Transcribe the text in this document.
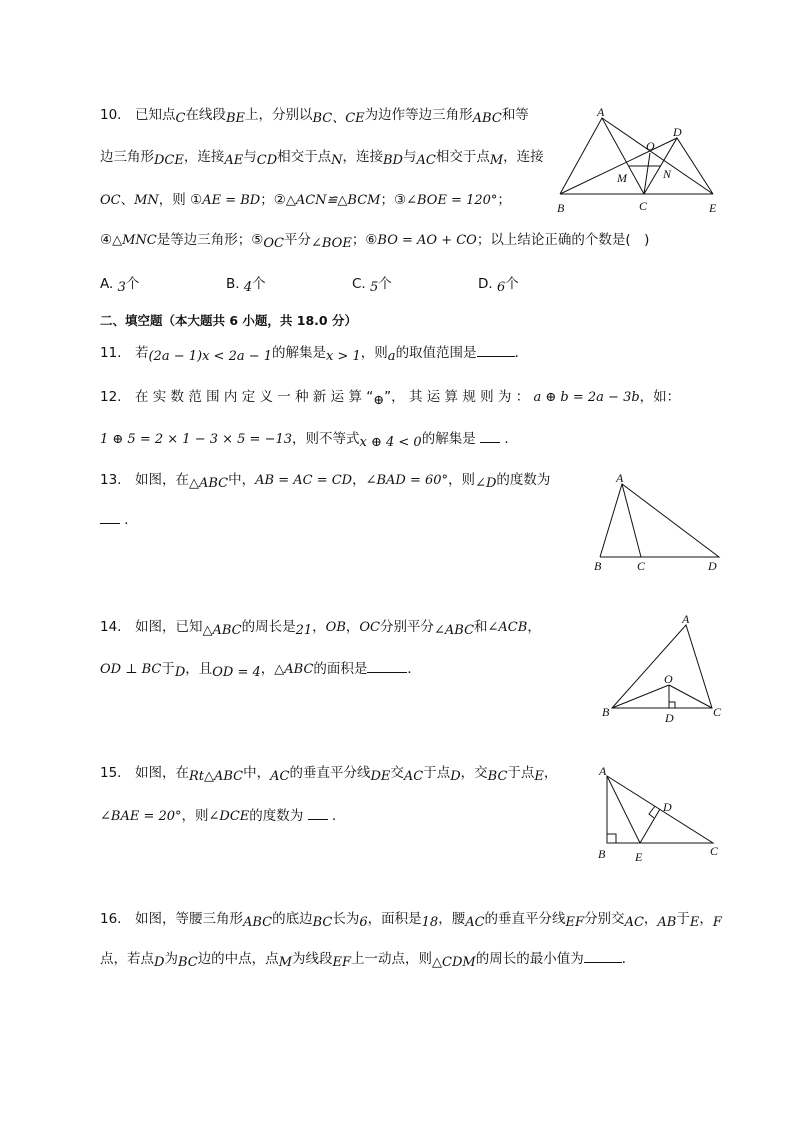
10.　已知点C在线段BE上，分别以BC、CE为边作等边三角形ABC和等
边三角形DCE，连接AE与CD相交于点N，连接BD与AC相交于点M，连接
OC、MN，则 ①AE = BD；②△ACN≌△BCM；③∠BOE = 120°；
④△MNC是等边三角形；⑤OC平分∠BOE；⑥BO = AO + CO；以上结论正确的个数是(　)
A. 3个	B. 4个	C. 5个	D. 6个
A
O
D
M	N
B	C	E
二、填空题（本大题共 6 小题，共 18.0 分）
11.　若(2a − 1)x < 2a − 1的解集是x > 1，则a的取值范围是	．
12.　在 实 数 范 围 内 定 义 一 种 新 运 算 “⊕”， 其 运 算 规 则 为 ： a ⊕ b = 2a − 3b，如：
1 ⊕ 5 = 2 × 1 − 3 × 5 = −13，则不等式x ⊕ 4 < 0的解集是 ．
13.　如图，在△ABC中，AB = AC = CD，∠BAD = 60°，则∠D的度数为
．
A
B	C	D
14.　如图，已知△ABC的周长是21，OB，OC分别平分∠ABC和∠ACB，
OD ⊥ BC于D，且OD = 4，△ABC的面积是	．
A
O
B	D	C
15.　如图，在Rt△ABC中，AC的垂直平分线DE交AC于点D，交BC于点E，
∠BAE = 20°，则∠DCE的度数为 ．
A
D
B E	C
16.　如图，等腰三角形ABC的底边BC长为6，面积是18，腰AC的垂直平分线EF分别交AC，AB于E，F
点，若点D为BC边的中点，点M为线段EF上一动点，则△CDM的周长的最小值为	．
